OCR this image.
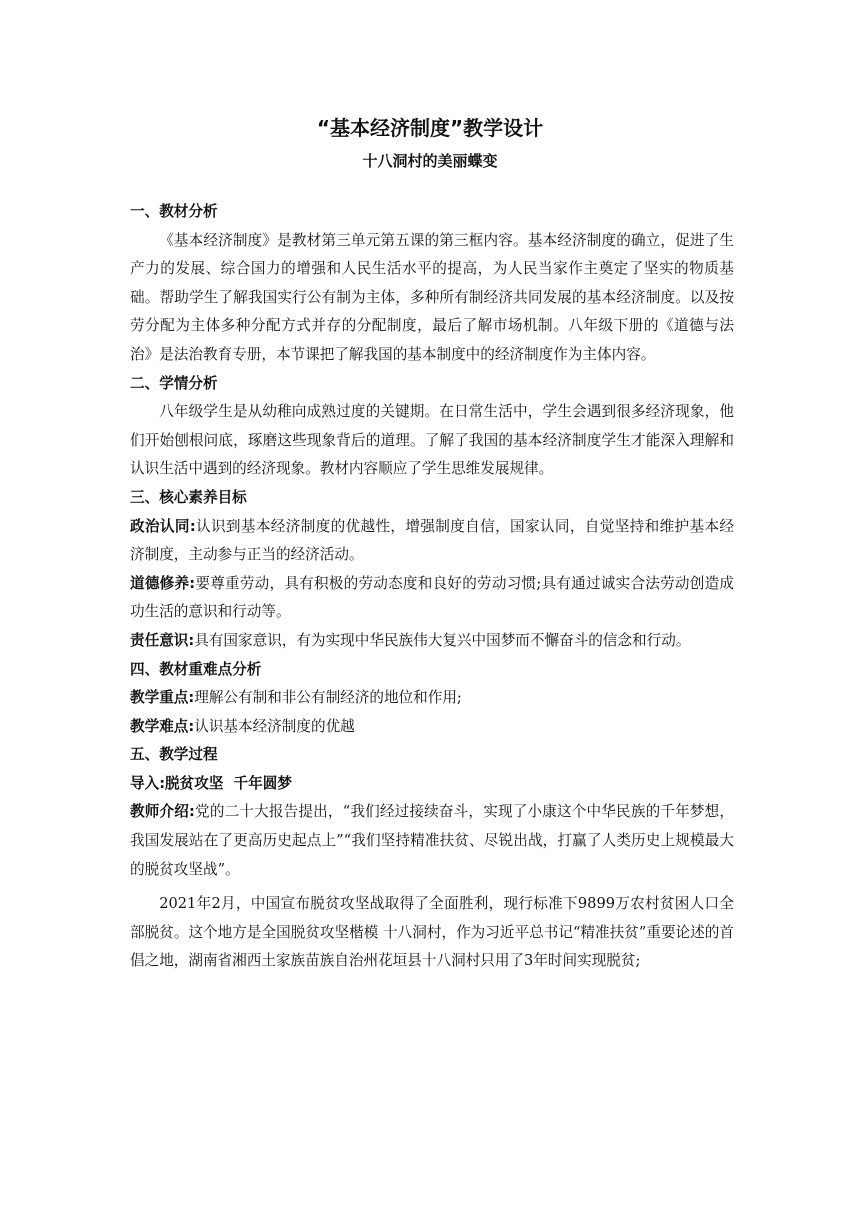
“基本经济制度”教学设计
十八洞村的美丽蝶变

一、教材分析

《基本经济制度》是教材第三单元第五课的第三框内容。基本经济制度的确立，促进了生产力的发展、综合国力的增强和人民生活水平的提高，为人民当家作主奠定了坚实的物质基础。帮助学生了解我国实行公有制为主体，多种所有制经济共同发展的基本经济制度。以及按劳分配为主体多种分配方式并存的分配制度，最后了解市场机制。八年级下册的《道德与法治》是法治教育专册，本节课把了解我国的基本制度中的经济制度作为主体内容。

二、学情分析

八年级学生是从幼稚向成熟过度的关键期。在日常生活中，学生会遇到很多经济现象，他们开始刨根问底，琢磨这些现象背后的道理。了解了我国的基本经济制度学生才能深入理解和认识生活中遇到的经济现象。教材内容顺应了学生思维发展规律。

三、核心素养目标

政治认同:认识到基本经济制度的优越性，增强制度自信，国家认同，自觉坚持和维护基本经济制度，主动参与正当的经济活动。

道德修养:要尊重劳动，具有积极的劳动态度和良好的劳动习惯;具有通过诚实合法劳动创造成功生活的意识和行动等。

责任意识:具有国家意识，有为实现中华民族伟大复兴中国梦而不懈奋斗的信念和行动。

四、教材重难点分析

教学重点:理解公有制和非公有制经济的地位和作用;

教学难点:认识基本经济制度的优越

五、教学过程

导入:脱贫攻坚  千年圆梦

教师介绍:党的二十大报告提出，“我们经过接续奋斗，实现了小康这个中华民族的千年梦想，我国发展站在了更高历史起点上”“我们坚持精准扶贫、尽锐出战，打赢了人类历史上规模最大的脱贫攻坚战”。

2021年2月，中国宣布脱贫攻坚战取得了全面胜利，现行标准下9899万农村贫困人口全部脱贫。这个地方是全国脱贫攻坚楷模 十八洞村，作为习近平总书记“精准扶贫”重要论述的首倡之地，湖南省湘西土家族苗族自治州花垣县十八洞村只用了3年时间实现脱贫;
